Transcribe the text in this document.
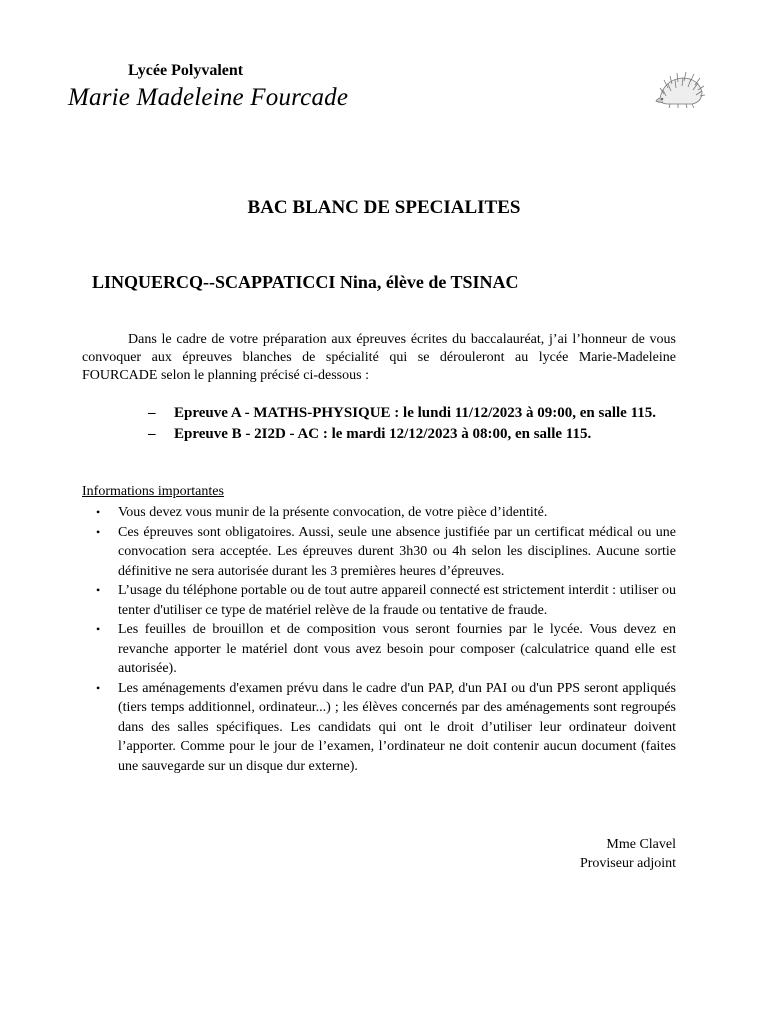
Lycée Polyvalent
Marie Madeleine Fourcade
BAC BLANC DE SPECIALITES
LINQUERCQ--SCAPPATICCI Nina, élève de TSINAC

Dans le cadre de votre préparation aux épreuves écrites du baccalauréat, j’ai l’honneur de vous convoquer aux épreuves blanches de spécialité qui se dérouleront au lycée Marie-Madeleine FOURCADE selon le planning précisé ci-dessous :

– Epreuve A - MATHS-PHYSIQUE : le lundi 11/12/2023 à 09:00, en salle 115.
– Epreuve B - 2I2D - AC : le mardi 12/12/2023 à 08:00, en salle 115.
Informations importantes
• Vous devez vous munir de la présente convocation, de votre pièce d’identité.
• Ces épreuves sont obligatoires. Aussi, seule une absence justifiée par un certificat médical ou une convocation sera acceptée. Les épreuves durent 3h30 ou 4h selon les disciplines. Aucune sortie définitive ne sera autorisée durant les 3 premières heures d’épreuves.
• L’usage du téléphone portable ou de tout autre appareil connecté est strictement interdit : utiliser ou tenter d'utiliser ce type de matériel relève de la fraude ou tentative de fraude.
• Les feuilles de brouillon et de composition vous seront fournies par le lycée. Vous devez en revanche apporter le matériel dont vous avez besoin pour composer (calculatrice quand elle est autorisée).
• Les aménagements d'examen prévu dans le cadre d'un PAP, d'un PAI ou d'un PPS seront appliqués (tiers temps additionnel, ordinateur...) ; les élèves concernés par des aménagements sont regroupés dans des salles spécifiques. Les candidats qui ont le droit d’utiliser leur ordinateur doivent l’apporter. Comme pour le jour de l’examen, l’ordinateur ne doit contenir aucun document (faites une sauvegarde sur un disque dur externe).
Mme Clavel
Proviseur adjoint
